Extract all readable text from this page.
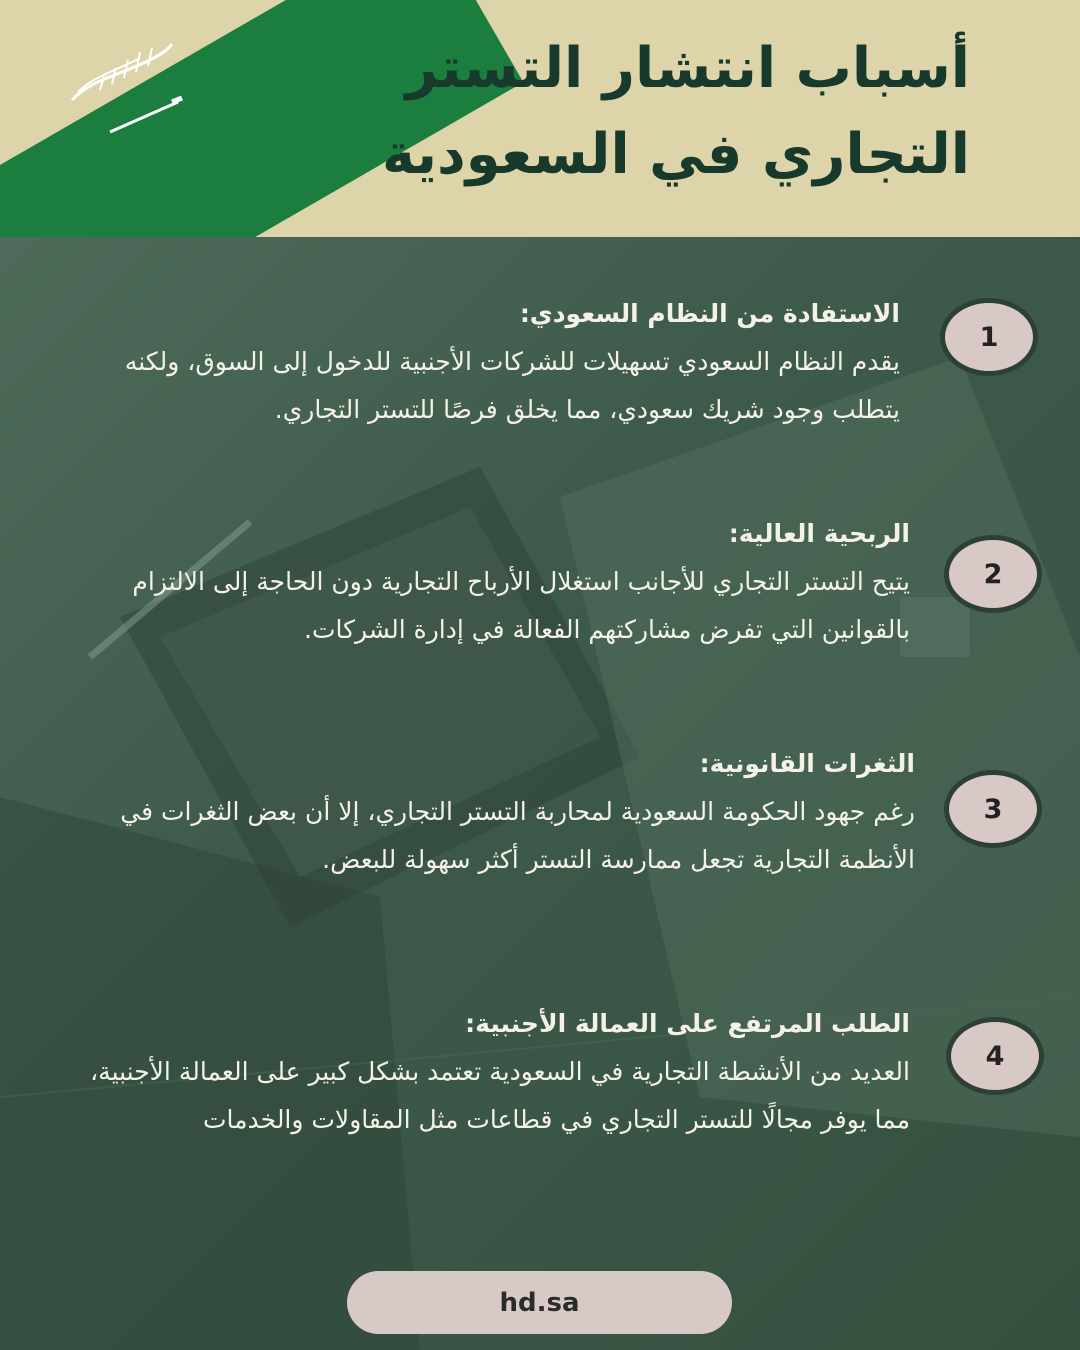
أسباب انتشار التستر
التجاري في السعودية
الاستفادة من النظام السعودي:
يقدم النظام السعودي تسهيلات للشركات الأجنبية للدخول إلى السوق، ولكنه يتطلب وجود شريك سعودي، مما يخلق فرصًا للتستر التجاري.
1
الربحية العالية:
يتيح التستر التجاري للأجانب استغلال الأرباح التجارية دون الحاجة إلى الالتزام بالقوانين التي تفرض مشاركتهم الفعالة في إدارة الشركات.
2
الثغرات القانونية:
رغم جهود الحكومة السعودية لمحاربة التستر التجاري، إلا أن بعض الثغرات في الأنظمة التجارية تجعل ممارسة التستر أكثر سهولة للبعض.
3
الطلب المرتفع على العمالة الأجنبية:
العديد من الأنشطة التجارية في السعودية تعتمد بشكل كبير على العمالة الأجنبية، مما يوفر مجالًا للتستر التجاري في قطاعات مثل المقاولات والخدمات
4
hd.sa
